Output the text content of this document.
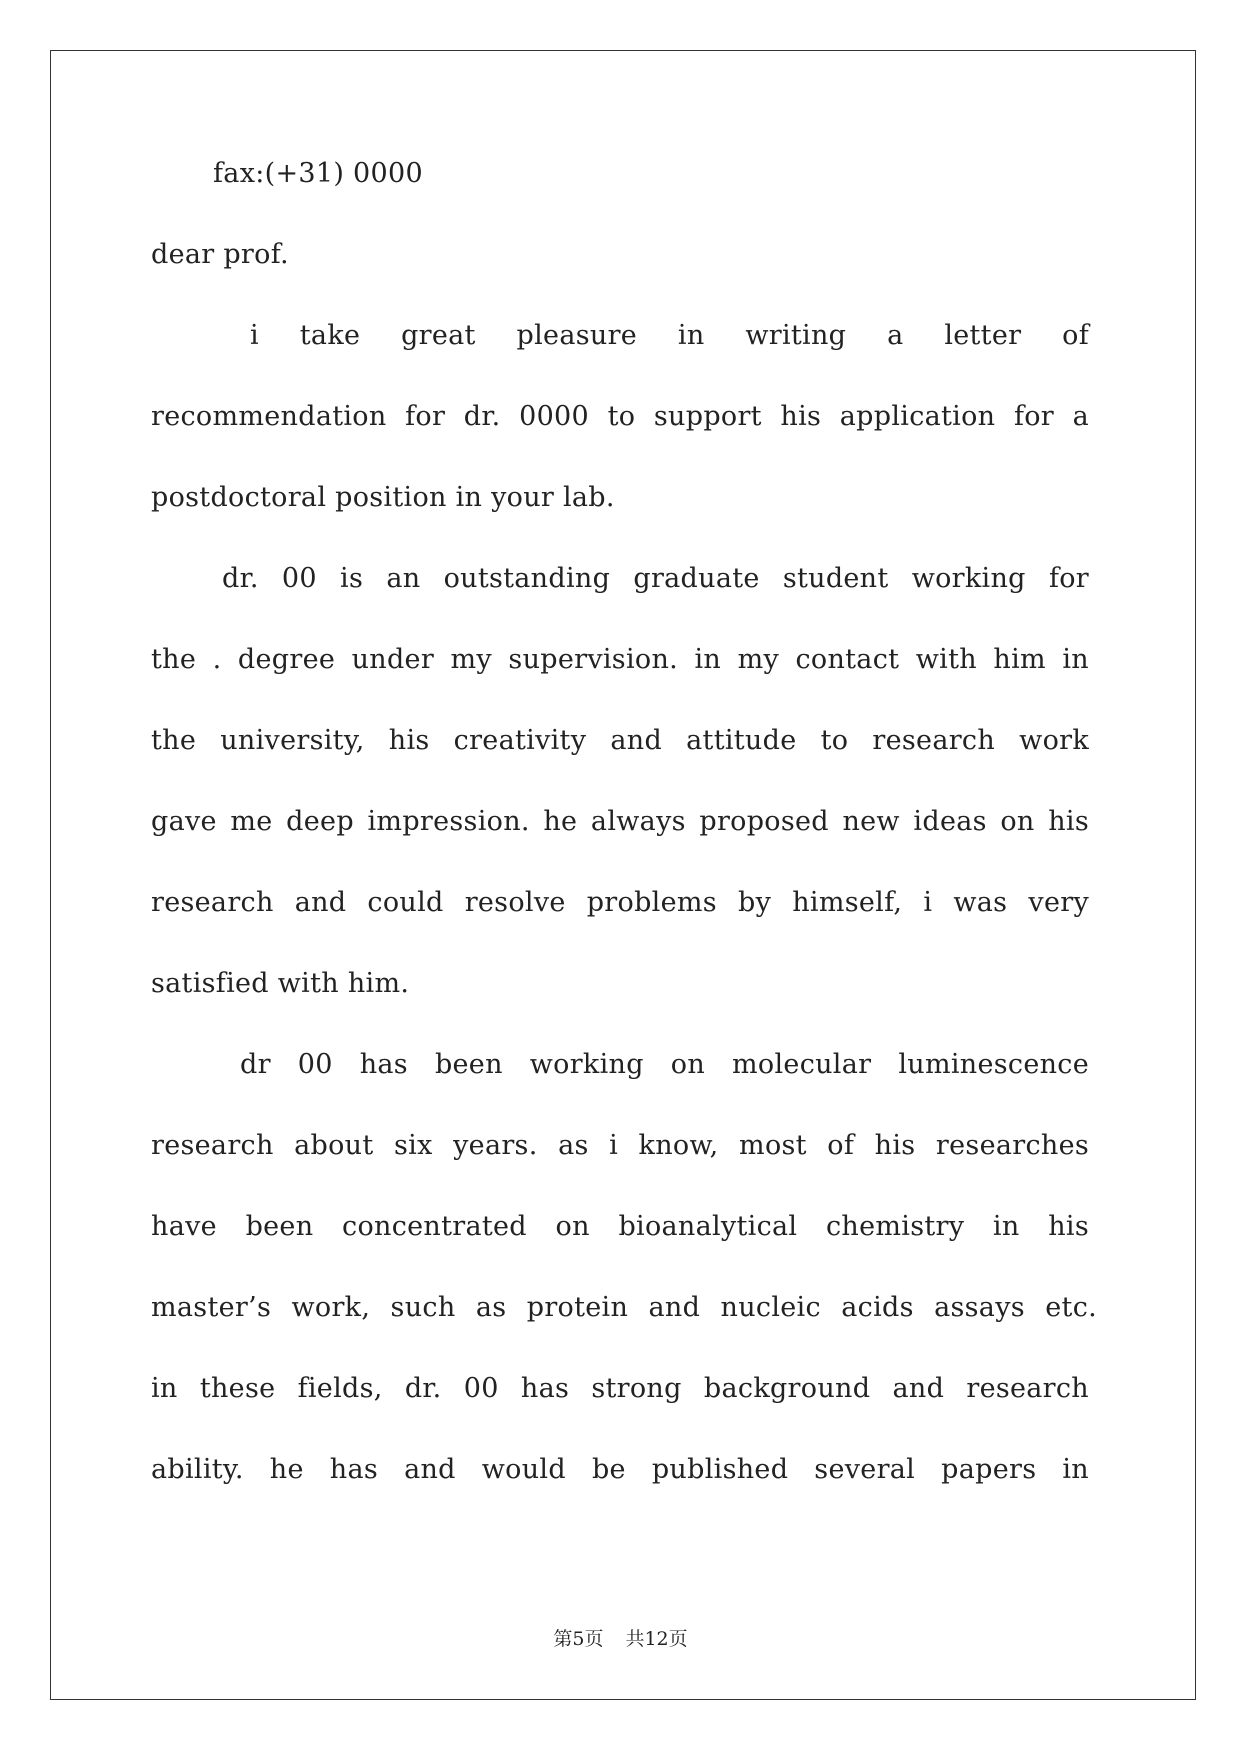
fax:(+31) 0000
dear prof.
i take great pleasure in writing a letter of
recommendation for dr. 0000 to support his application for a
postdoctoral position in your lab.
dr. 00 is an outstanding graduate student working for
the . degree under my supervision. in my contact with him in
the university, his creativity and attitude to research work
gave me deep impression. he always proposed new ideas on his
research and could resolve problems by himself, i was very
satisfied with him.
dr 00 has been working on molecular luminescence
research about six years. as i know, most of his researches
have been concentrated on bioanalytical chemistry in his
master’s work, such as protein and nucleic acids assays etc.
in these fields, dr. 00 has strong background and research
ability. he has and would be published several papers in
第5页 共12页
